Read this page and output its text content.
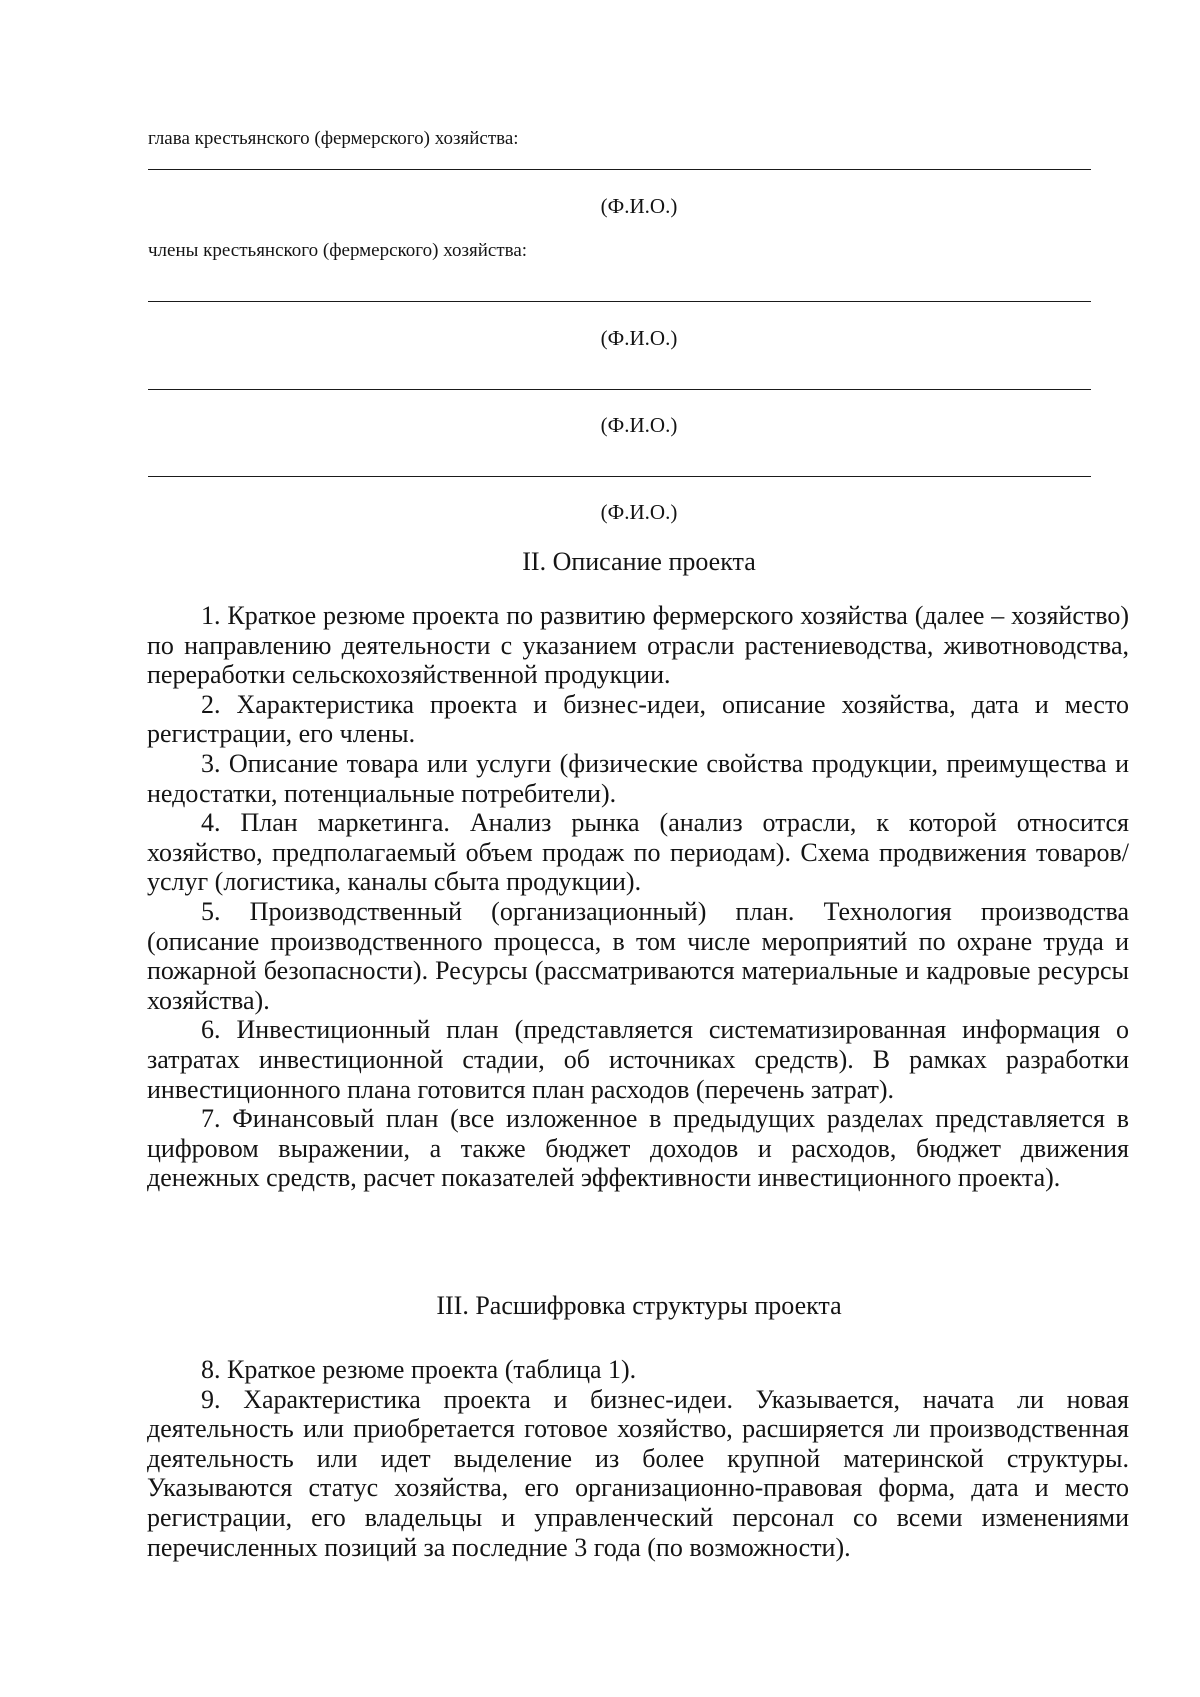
глава крестьянского (фермерского) хозяйства:
(Ф.И.О.)
члены крестьянского (фермерского) хозяйства:
(Ф.И.О.)
(Ф.И.О.)
(Ф.И.О.)
II. Описание проекта

1. Краткое резюме проекта по развитию фермерского хозяйства (далее – хозяйство) по направлению деятельности с указанием отрасли растениеводства, животноводства, переработки сельскохозяйственной продукции.

2. Характеристика проекта и бизнес-идеи, описание хозяйства, дата и место регистрации, его члены.

3. Описание товара или услуги (физические свойства продукции, преимущества и недостатки, потенциальные потребители).

4. План маркетинга. Анализ рынка (анализ отрасли, к которой относится хозяйство, предполагаемый объем продаж по периодам). Схема продвижения товаров/услуг (логистика, каналы сбыта продукции).

5. Производственный (организационный) план. Технология производства (описание производственного процесса, в том числе мероприятий по охране труда и пожарной безопасности). Ресурсы (рассматриваются материальные и кадровые ресурсы хозяйства).

6. Инвестиционный план (представляется систематизированная информация о затратах инвестиционной стадии, об источниках средств). В рамках разработки инвестиционного плана готовится план расходов (перечень затрат).

7. Финансовый план (все изложенное в предыдущих разделах представляется в цифровом выражении, а также бюджет доходов и расходов, бюджет движения денежных средств, расчет показателей эффективности инвестиционного проекта).

III. Расшифровка структуры проекта

8. Краткое резюме проекта (таблица 1).

9. Характеристика проекта и бизнес-идеи. Указывается, начата ли новая деятельность или приобретается готовое хозяйство, расширяется ли производственная деятельность или идет выделение из более крупной материнской структуры. Указываются статус хозяйства, его организационно-правовая форма, дата и место регистрации, его владельцы и управленческий персонал со всеми изменениями перечисленных позиций за последние 3 года (по возможности).
